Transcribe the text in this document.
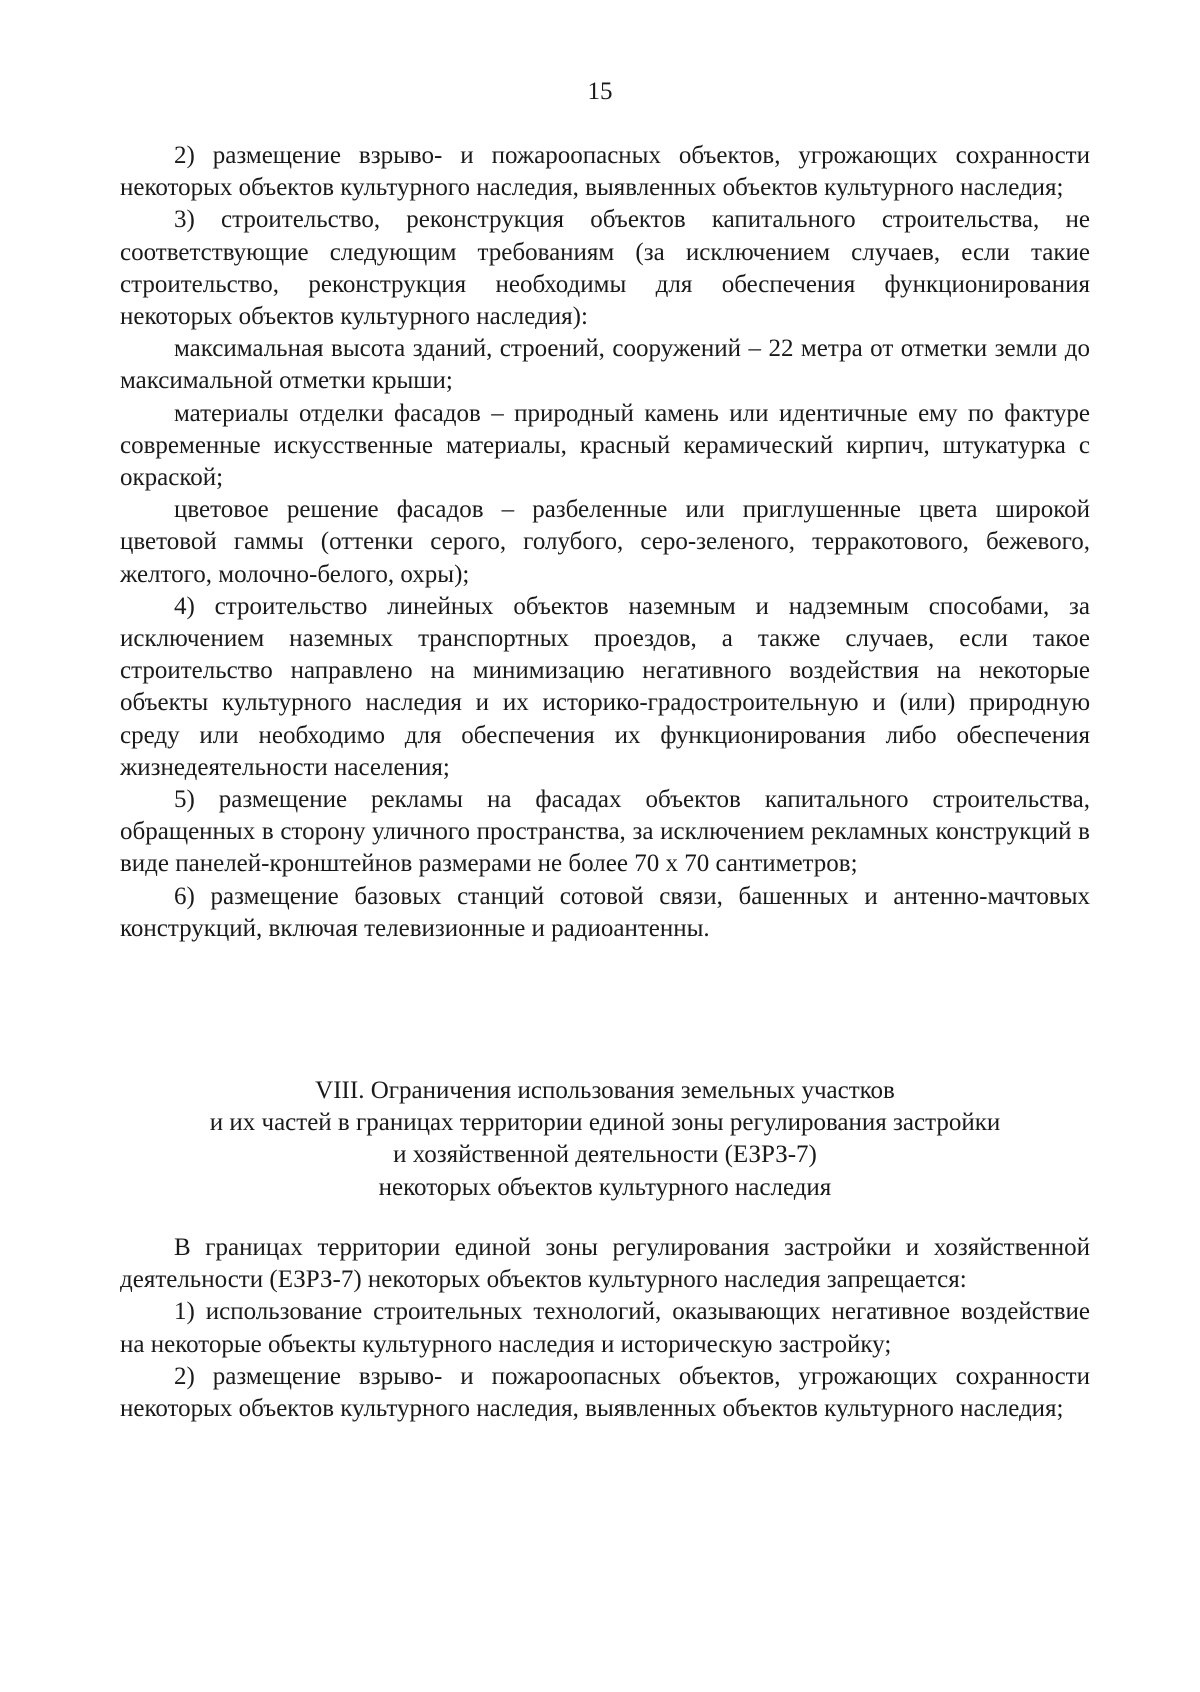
15

2) размещение взрыво- и пожароопасных объектов, угрожающих сохранности некоторых объектов культурного наследия, выявленных объектов культурного наследия;

3) строительство, реконструкция объектов капитального строительства, не соответствующие следующим требованиям (за исключением случаев, если такие строительство, реконструкция необходимы для обеспечения функционирования некоторых объектов культурного наследия):

максимальная высота зданий, строений, сооружений – 22 метра от отметки земли до максимальной отметки крыши;

материалы отделки фасадов – природный камень или идентичные ему по фактуре современные искусственные материалы, красный керамический кирпич, штукатурка с окраской;

цветовое решение фасадов – разбеленные или приглушенные цвета широкой цветовой гаммы (оттенки серого, голубого, серо-зеленого, терракотового, бежевого, желтого, молочно-белого, охры);

4) строительство линейных объектов наземным и надземным способами, за исключением наземных транспортных проездов, а также случаев, если такое строительство направлено на минимизацию негативного воздействия на некоторые объекты культурного наследия и их историко-градостроительную и (или) природную среду или необходимо для обеспечения их функционирования либо обеспечения жизнедеятельности населения;

5) размещение рекламы на фасадах объектов капитального строительства, обращенных в сторону уличного пространства, за исключением рекламных конструкций в виде панелей-кронштейнов размерами не более 70 х 70 сантиметров;

6) размещение базовых станций сотовой связи, башенных и антенно-мачтовых конструкций, включая телевизионные и радиоантенны.

VIII. Ограничения использования земельных участков
и их частей в границах территории единой зоны регулирования застройки
и хозяйственной деятельности (ЕЗРЗ-7)
некоторых объектов культурного наследия

В границах территории единой зоны регулирования застройки и хозяйственной деятельности (ЕЗРЗ-7) некоторых объектов культурного наследия запрещается:

1) использование строительных технологий, оказывающих негативное воздействие на некоторые объекты культурного наследия и историческую застройку;

2) размещение взрыво- и пожароопасных объектов, угрожающих сохранности некоторых объектов культурного наследия, выявленных объектов культурного наследия;
